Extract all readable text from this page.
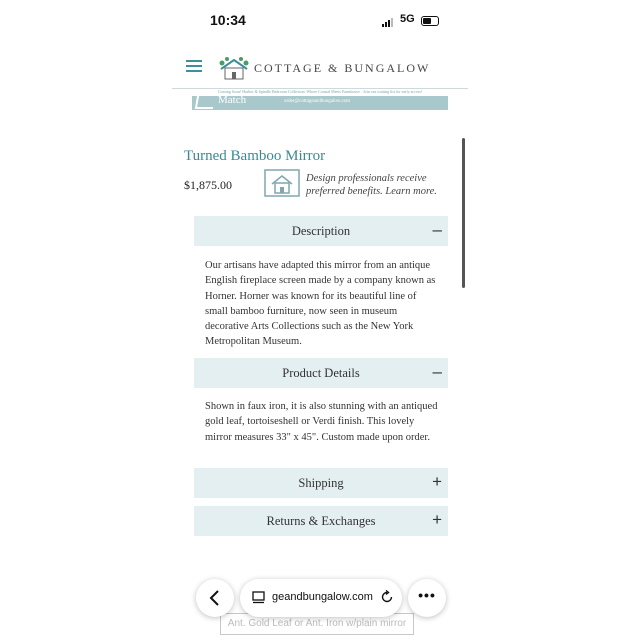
10:34	5G
COTTAGE & BUNGALOW
Coming Soon! Harbor & Spindle Bedroom Collection: Where Coastal Meets Farmhouse · Join our waiting list for early access!
Match	order@cottageandbungalow.com
Turned Bamboo Mirror
$1,875.00	Design professionals receive preferred benefits. Learn more.
Description	–
Our artisans have adapted this mirror from an antique English fireplace screen made by a company known as Horner. Horner was known for its beautiful line of small bamboo furniture, now seen in museum decorative Arts Collections such as the New York Metropolitan Museum.
Product Details	–
Shown in faux iron, it is also stunning with an antiqued gold leaf, tortoiseshell or Verdi finish. This lovely mirror measures 33" x 45". Custom made upon order.
Shipping	+
Returns & Exchanges	+
Ant. Gold Leaf or Ant. Iron w/plain mirror
geandbungalow.com	•••
